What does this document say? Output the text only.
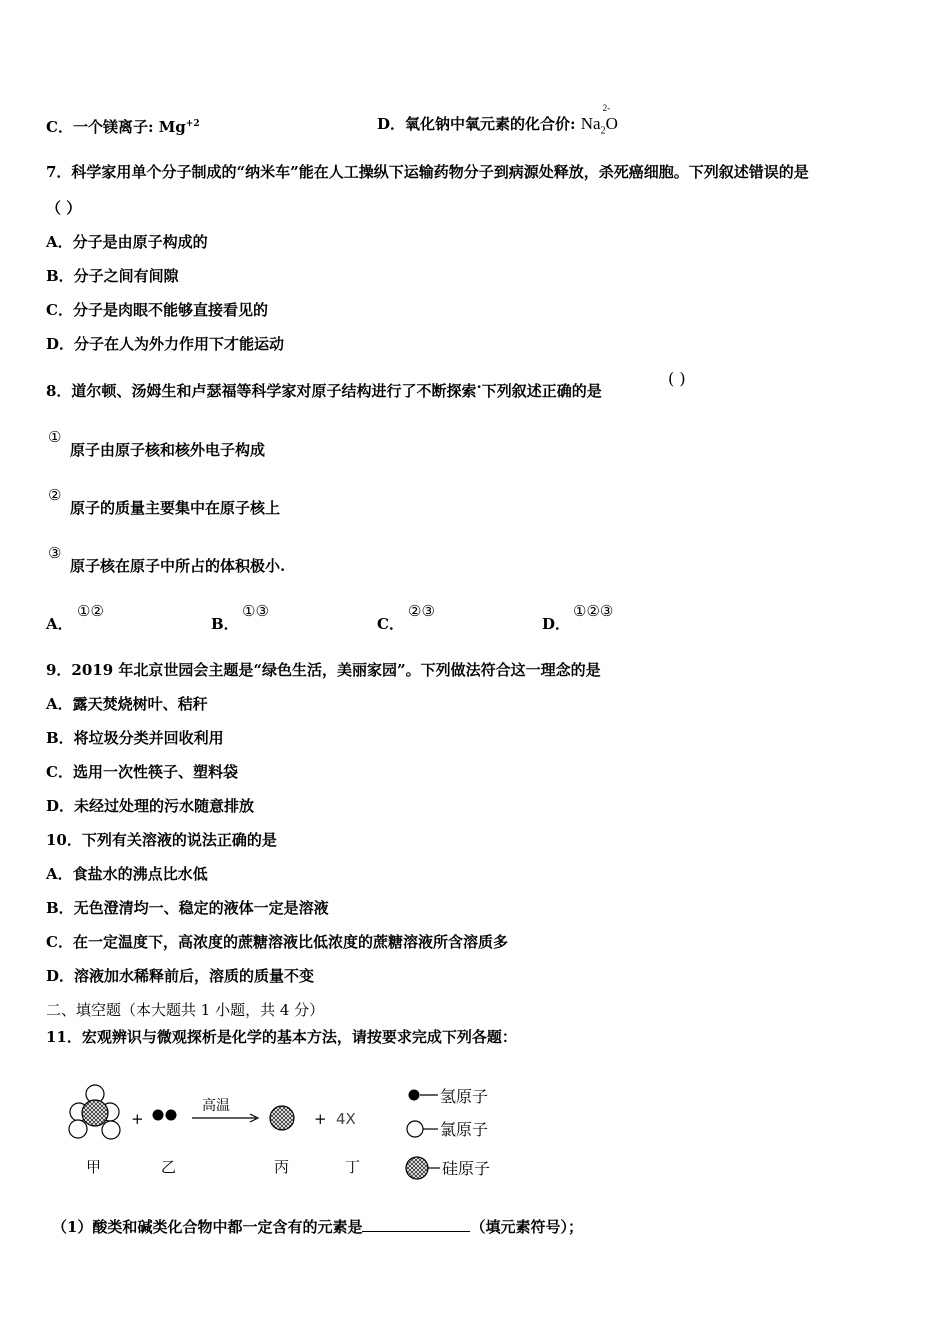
C．一个镁离子: $Mg^{+2}$	D．氧化钠中氧元素的化合价: $Na_2O$
2-
7．科学家用单个分子制成的“纳米车”能在人工操纵下运输药物分子到病源处释放，杀死癌细胞。下列叙述错误的是
（ ）
A．分子是由原子构成的
B．分子之间有间隙
C．分子是肉眼不能够直接看见的
D．分子在人为外力作用下才能运动
8．道尔顿、汤姆生和卢瑟福等科学家对原子结构进行了不断探索·下列叙述正确的是
( )
①
原子由原子核和核外电子构成
②
原子的质量主要集中在原子核上
③
原子核在原子中所占的体积极小.
A．
①②
B．
①③
C．
②③
D．
①②③
9．2019 年北京世园会主题是“绿色生活，美丽家园”。下列做法符合这一理念的是
A．露天焚烧树叶、秸秆
B．将垃圾分类并回收利用
C．选用一次性筷子、塑料袋
D．未经过处理的污水随意排放
10．下列有关溶液的说法正确的是
A．食盐水的沸点比水低
B．无色澄清均一、稳定的液体一定是溶液
C．在一定温度下，高浓度的蔗糖溶液比低浓度的蔗糖溶液所含溶质多
D．溶液加水稀释前后，溶质的质量不变
二、填空题（本大题共 1 小题，共 4 分）
11．宏观辨识与微观探析是化学的基本方法，请按要求完成下列各题：
+
高温
+ 4X
甲	乙	丙	丁
氢原子
氯原子
硅原子
（1）酸类和碱类化合物中都一定含有的元素是	（填元素符号）；
